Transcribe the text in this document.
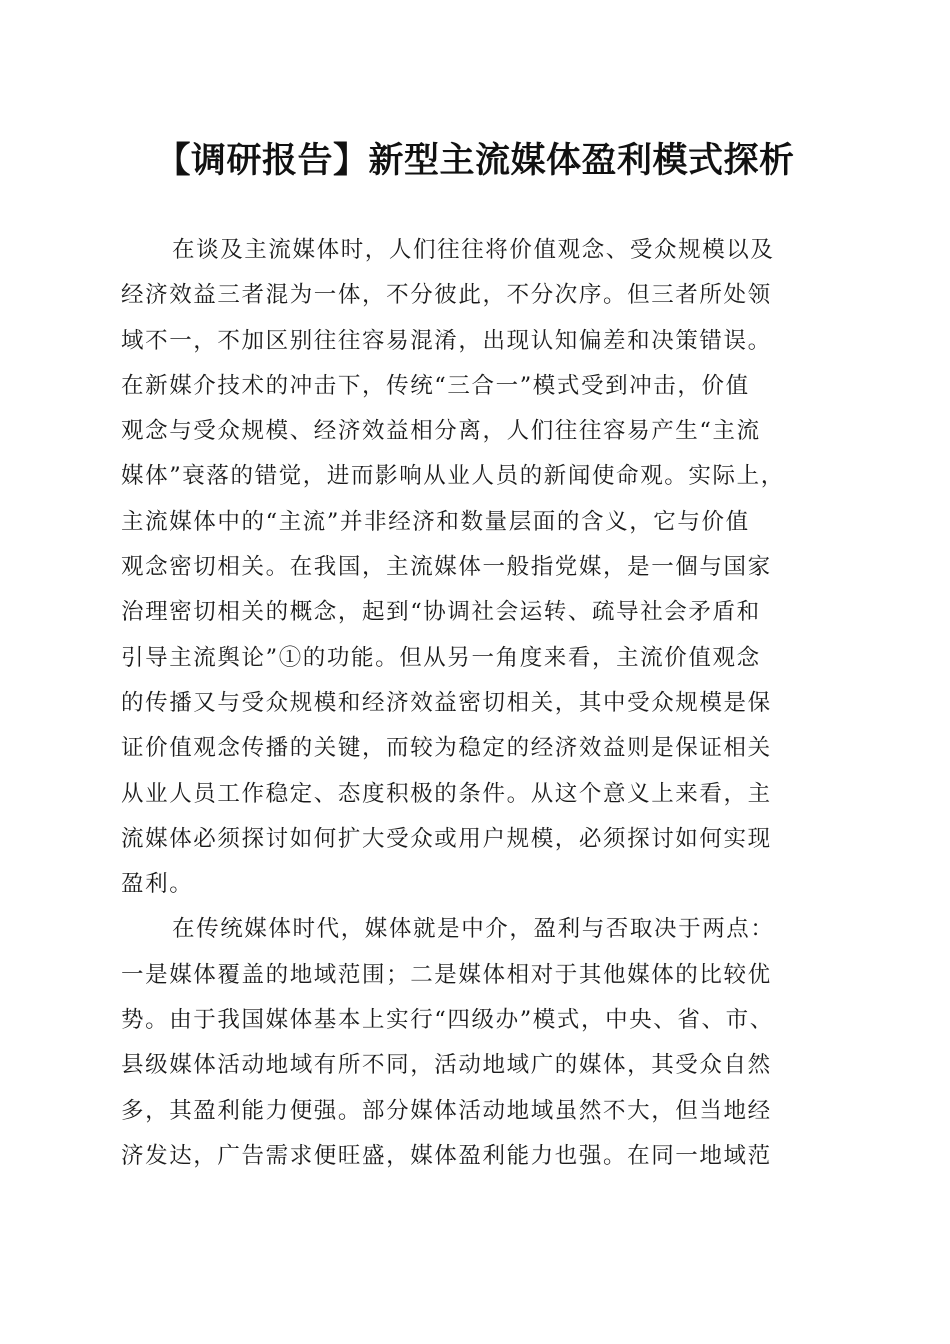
【调研报告】新型主流媒体盈利模式探析
在谈及主流媒体时，人们往往将价值观念、受众规模以及
经济效益三者混为一体，不分彼此，不分次序。但三者所处领
域不一，不加区别往往容易混淆，出现认知偏差和决策错误。
在新媒介技术的冲击下，传统“三合一”模式受到冲击，价值
观念与受众规模、经济效益相分离，人们往往容易产生“主流
媒体”衰落的错觉，进而影响从业人员的新闻使命观。实际上，
主流媒体中的“主流”并非经济和数量层面的含义，它与价值
观念密切相关。在我国，主流媒体一般指党媒，是一個与国家
治理密切相关的概念，起到“协调社会运转、疏导社会矛盾和
引导主流舆论”①的功能。但从另一角度来看，主流价值观念
的传播又与受众规模和经济效益密切相关，其中受众规模是保
证价值观念传播的关键，而较为稳定的经济效益则是保证相关
从业人员工作稳定、态度积极的条件。从这个意义上来看，主
流媒体必须探讨如何扩大受众或用户规模，必须探讨如何实现
盈利。
在传统媒体时代，媒体就是中介，盈利与否取决于两点：
一是媒体覆盖的地域范围；二是媒体相对于其他媒体的比较优
势。由于我国媒体基本上实行“四级办”模式，中央、省、市、
县级媒体活动地域有所不同，活动地域广的媒体，其受众自然
多，其盈利能力便强。部分媒体活动地域虽然不大，但当地经
济发达，广告需求便旺盛，媒体盈利能力也强。在同一地域范
